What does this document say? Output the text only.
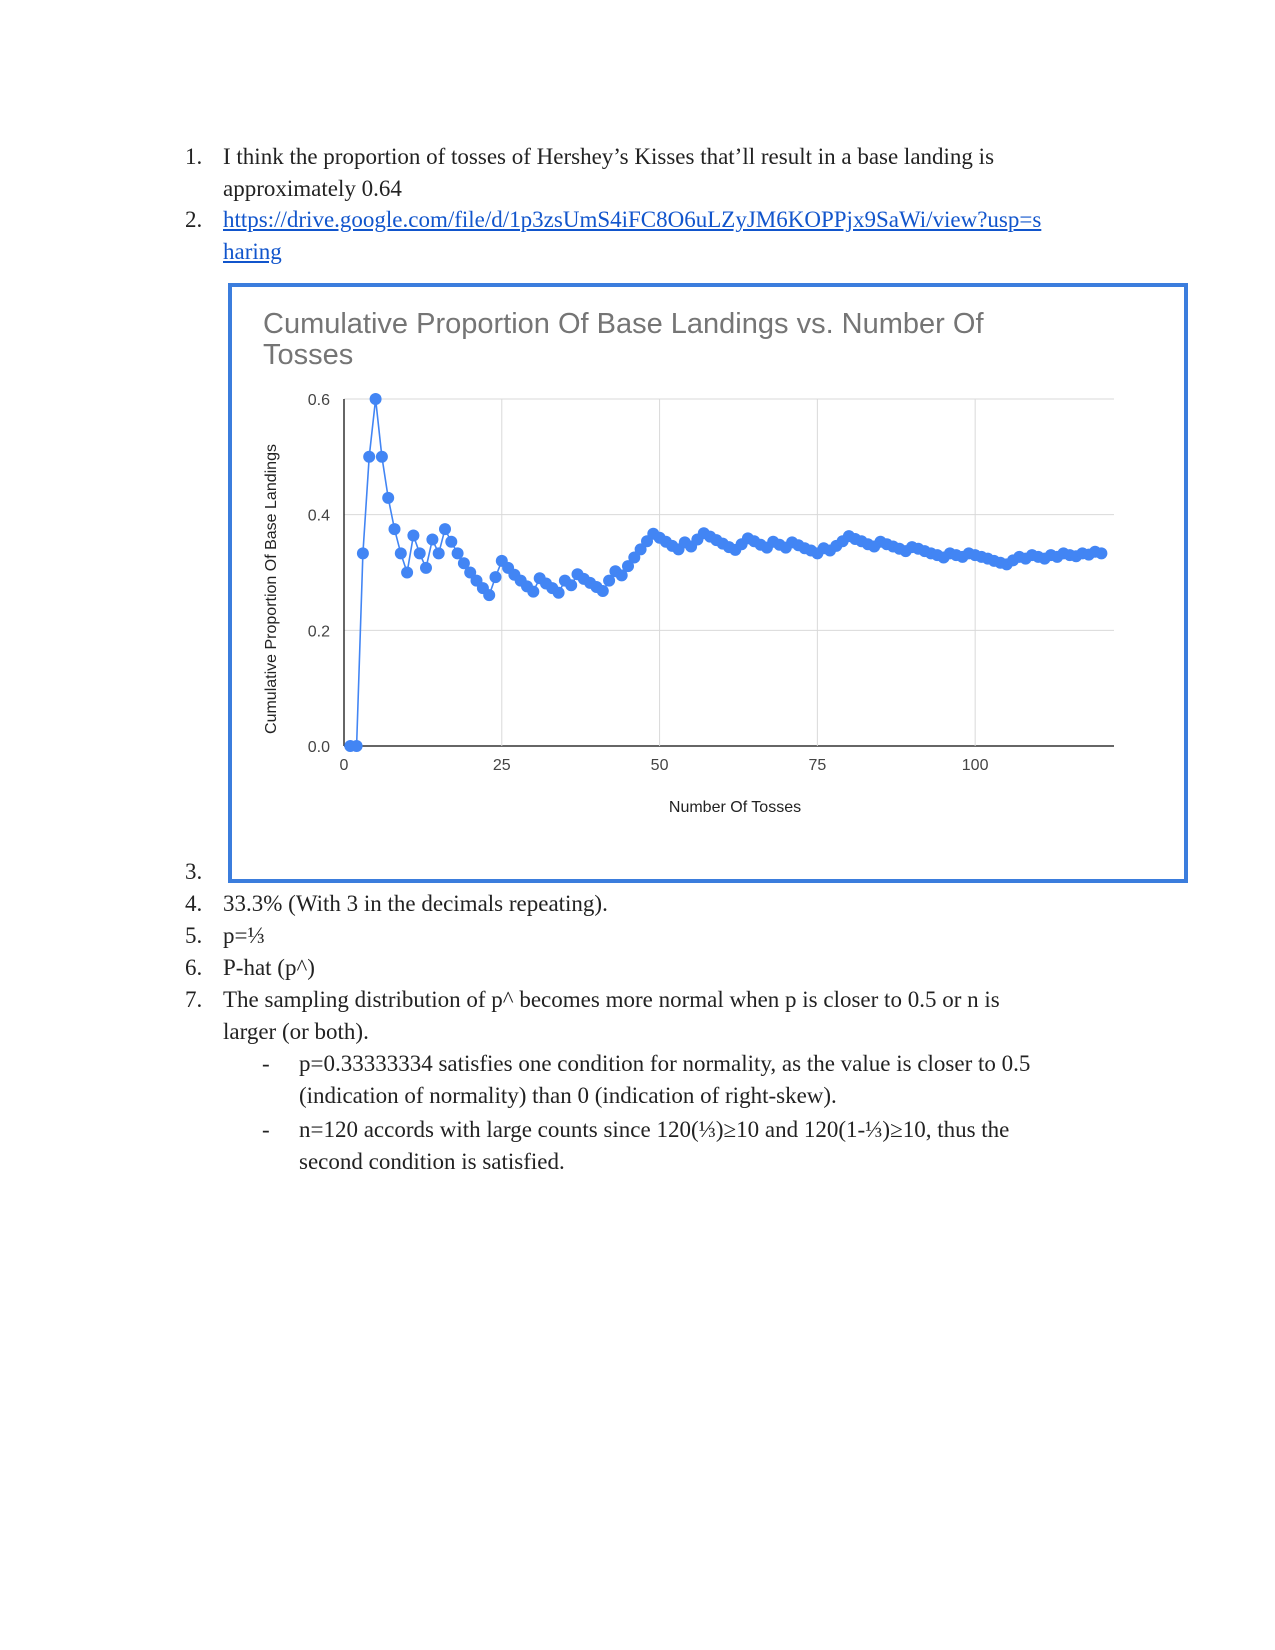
1. I think the proportion of tosses of Hershey’s Kisses that’ll result in a base landing is
approximately 0.64
2. https://drive.google.com/file/d/1p3zsUmS4iFC8O6uLZyJM6KOPPjx9SaWi/view?usp=s
haring
0.0
0.2
0.4
0.6
0	25	50	75	100
Cumulative Proportion Of Base Landings vs. Number Of
Tosses
Number Of Tosses
Cumulative Proportion Of Base Landings
3.
4. 33.3% (With 3 in the decimals repeating).
5. p=⅓
6. P-hat (p^)
7. The sampling distribution of p^ becomes more normal when p is closer to 0.5 or n is
larger (or both).
- p=0.33333334 satisfies one condition for normality, as the value is closer to 0.5
(indication of normality) than 0 (indication of right-skew).
- n=120 accords with large counts since 120(⅓)≥10 and 120(1-⅓)≥10, thus the
second condition is satisfied.
